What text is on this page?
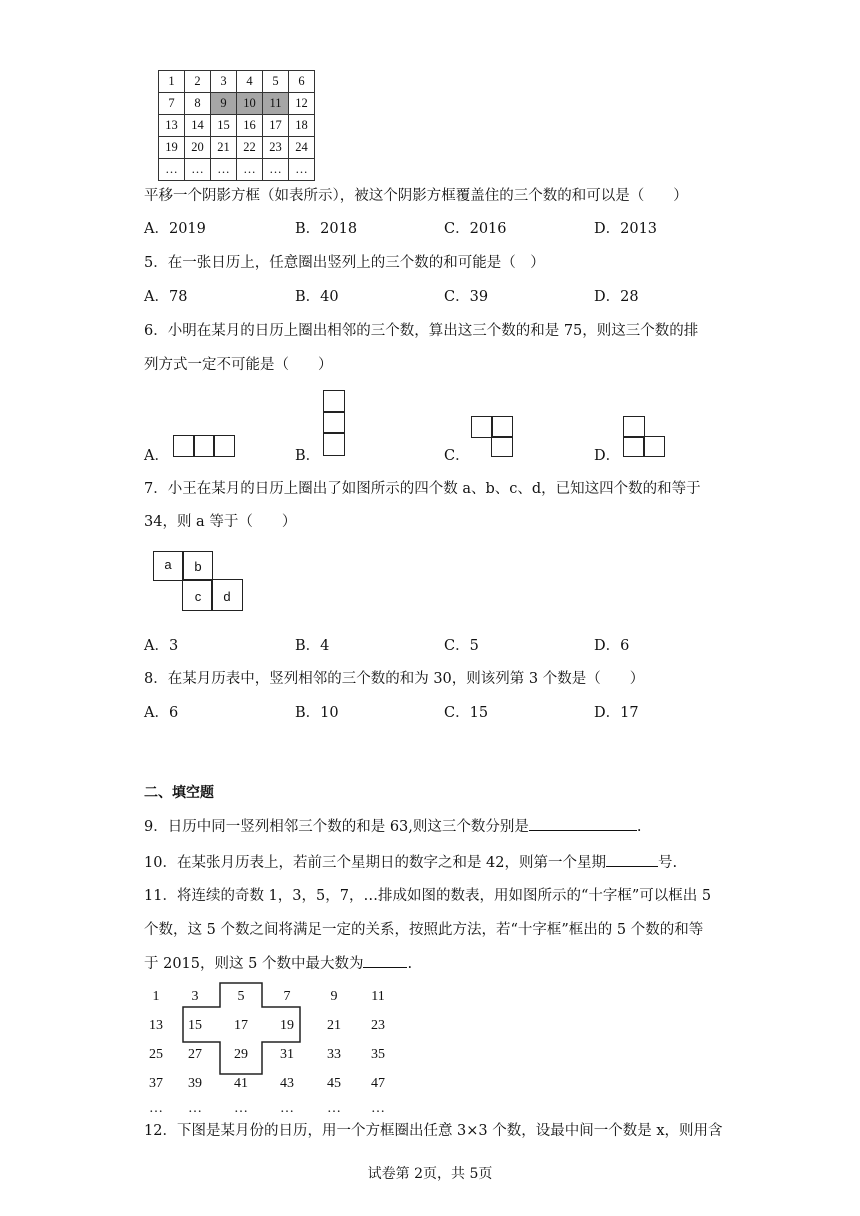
1	2	3	4	5	6
7	8	9	10	11	12
13	14	15	16	17	18
19	20	21	22	23	24
…	…	…	…	…	…
平移一个阴影方框（如表所示），被这个阴影方框覆盖住的三个数的和可以是（　　）
A．2019	B．2018	C．2016	D．2013
5．在一张日历上，任意圈出竖列上的三个数的和可能是（　）
A．78	B．40	C．39	D．28
6．小明在某月的日历上圈出相邻的三个数，算出这三个数的和是 75，则这三个数的排
列方式一定不可能是（　　）
A．	B．	C．	D．
7．小王在某月的日历上圈出了如图所示的四个数 a、b、c、d，已知这四个数的和等于
34，则 a 等于（　　）
a	b
c	d
A．3	B．4	C．5	D．6
8．在某月历表中，竖列相邻的三个数的和为 30，则该列第 3 个数是（　　）
A．6	B．10	C．15	D．17
二、填空题
9．日历中同一竖列相邻三个数的和是 63,则这三个数分别是	.
10．在某张月历表上，若前三个星期日的数字之和是 42，则第一个星期	号.
11．将连续的奇数 1，3，5，7，…排成如图的数表，用如图所示的“十字框”可以框出 5
个数，这 5 个数之间将满足一定的关系，按照此方法，若“十字框”框出的 5 个数的和等
于 2015，则这 5 个数中最大数为	.
1	3	5	7	9	11
13	15	17	19	21	23
25	27	29	31	33	35
37	39	41	43	45	47
…	…	…	…	…	…
12．下图是某月份的日历，用一个方框圈出任意 3×3 个数，设最中间一个数是 x，则用含
试卷第 2页，共 5页
